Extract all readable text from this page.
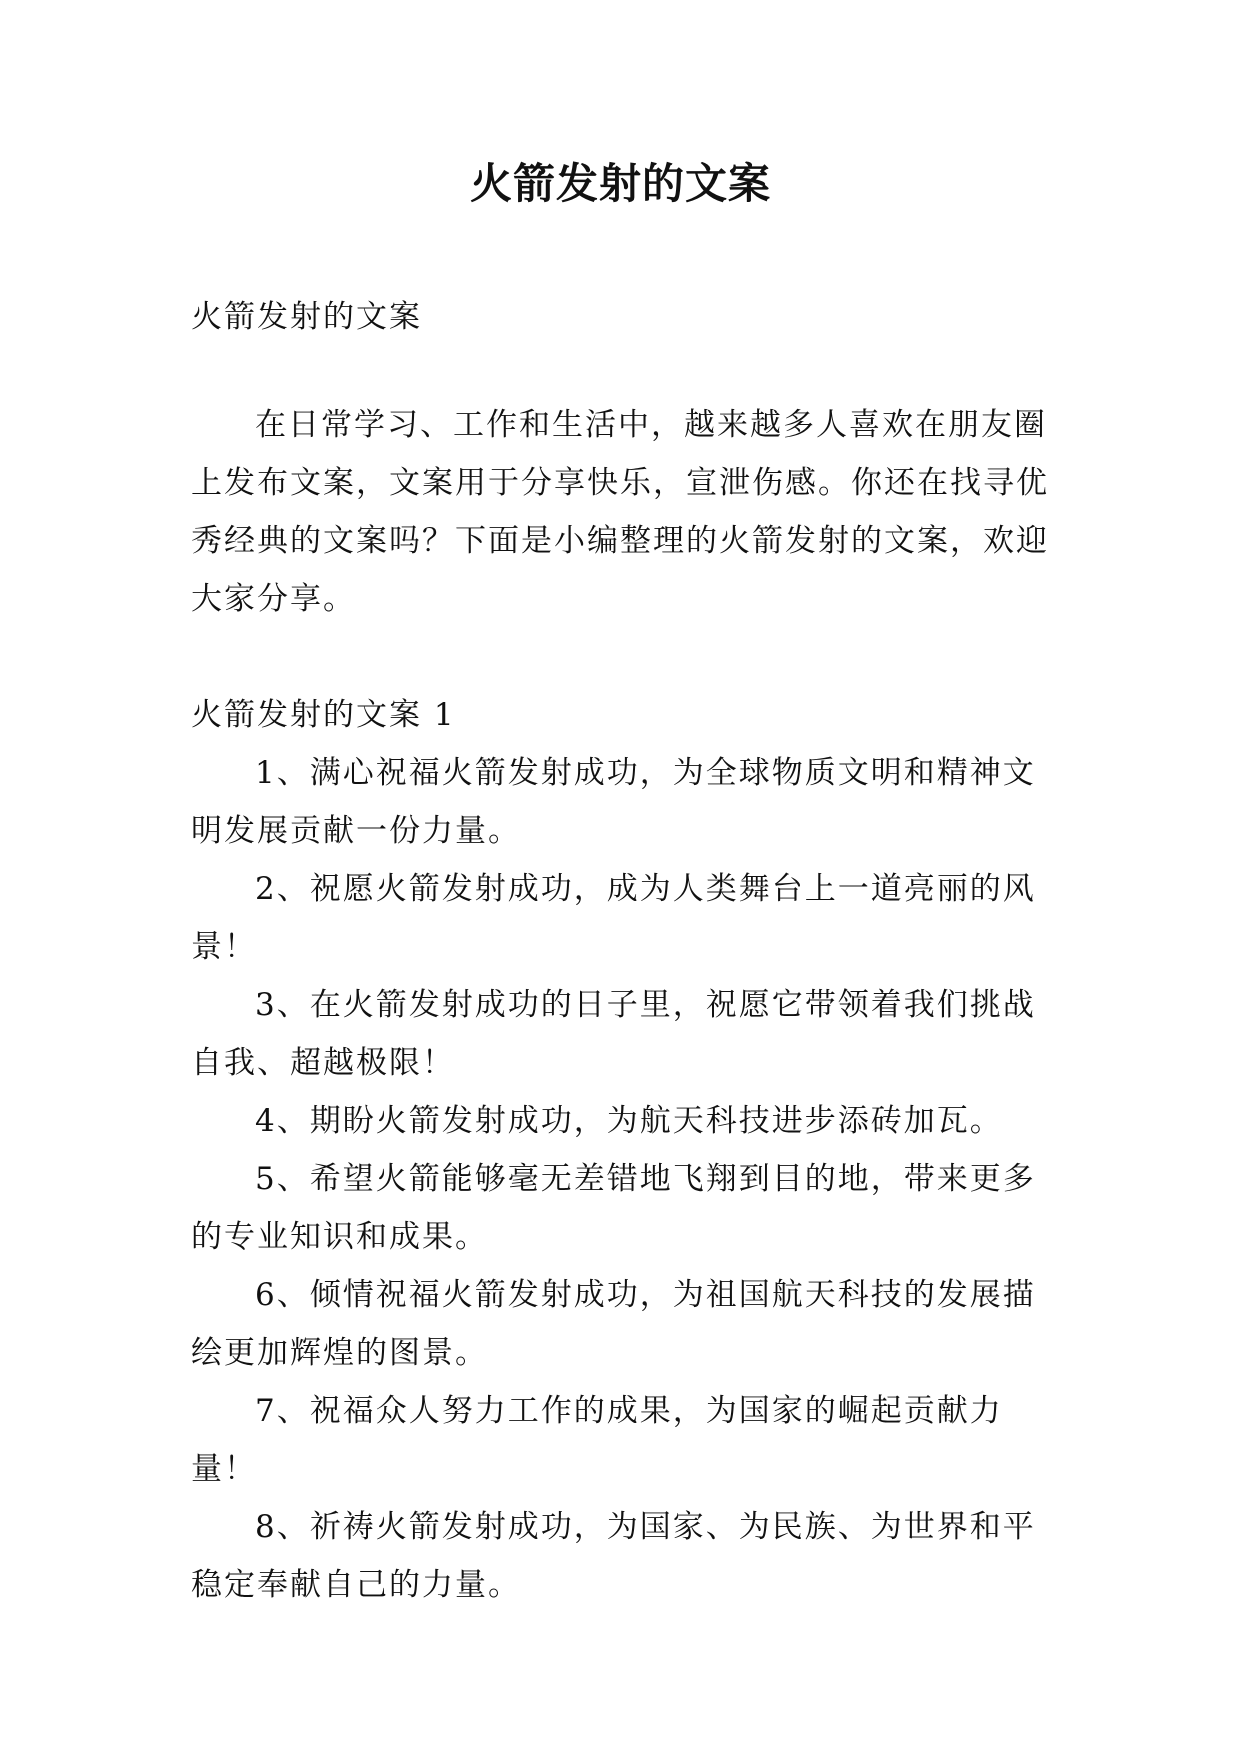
火箭发射的文案

火箭发射的文案

在日常学习、工作和生活中，越来越多人喜欢在朋友圈上发布文案，文案用于分享快乐，宣泄伤感。你还在找寻优秀经典的文案吗？下面是小编整理的火箭发射的文案，欢迎大家分享。

火箭发射的文案 1

1、满心祝福火箭发射成功，为全球物质文明和精神文明发展贡献一份力量。

2、祝愿火箭发射成功，成为人类舞台上一道亮丽的风景！

3、在火箭发射成功的日子里，祝愿它带领着我们挑战自我、超越极限！

4、期盼火箭发射成功，为航天科技进步添砖加瓦。

5、希望火箭能够毫无差错地飞翔到目的地，带来更多的专业知识和成果。

6、倾情祝福火箭发射成功，为祖国航天科技的发展描绘更加辉煌的图景。

7、祝福众人努力工作的成果，为国家的崛起贡献力量！

8、祈祷火箭发射成功，为国家、为民族、为世界和平稳定奉献自己的力量。
